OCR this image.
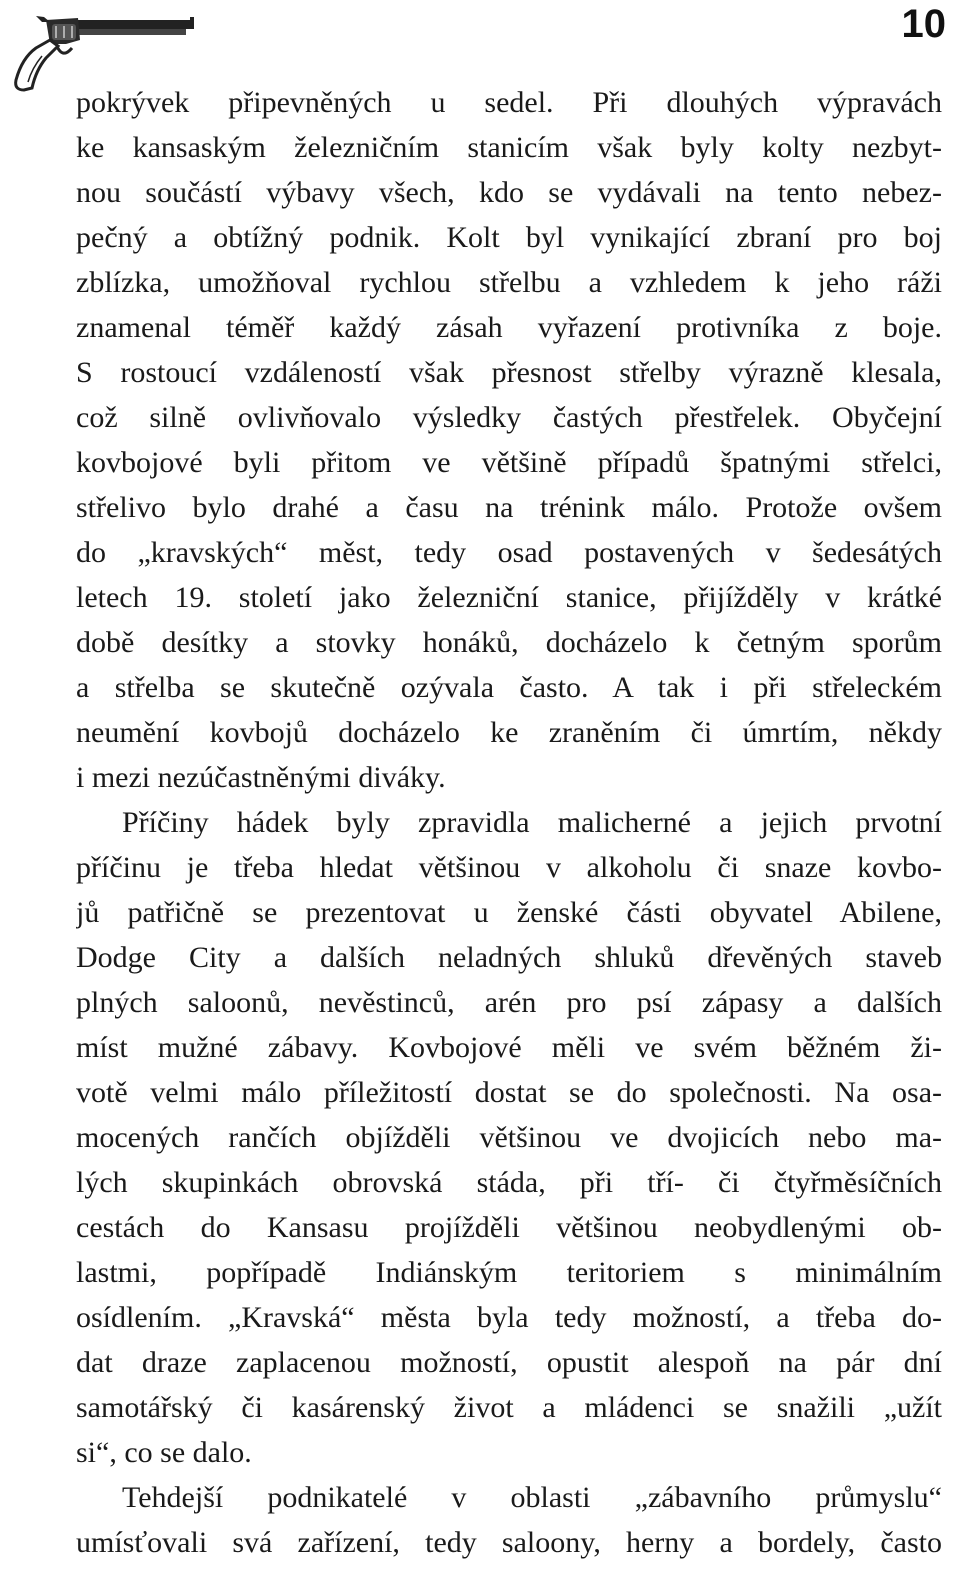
10
pokrývek připevněných u sedel. Při dlouhých výpravách
ke kansaským železničním stanicím však byly kolty nezbyt-
nou součástí výbavy všech, kdo se vydávali na tento nebez-
pečný a obtížný podnik. Kolt byl vynikající zbraní pro boj
zblízka, umožňoval rychlou střelbu a vzhledem k jeho ráži
znamenal téměř každý zásah vyřazení protivníka z boje.
S rostoucí vzdáleností však přesnost střelby výrazně klesala,
což silně ovlivňovalo výsledky častých přestřelek. Obyčejní
kovbojové byli přitom ve většině případů špatnými střelci,
střelivo bylo drahé a času na trénink málo. Protože ovšem
do „kravských“ měst, tedy osad postavených v šedesátých
letech 19. století jako železniční stanice, přijížděly v krátké
době desítky a stovky honáků, docházelo k četným sporům
a střelba se skutečně ozývala často. A tak i při střeleckém
neumění kovbojů docházelo ke zraněním či úmrtím, někdy
i mezi nezúčastněnými diváky.
Příčiny hádek byly zpravidla malicherné a jejich prvotní
příčinu je třeba hledat většinou v alkoholu či snaze kovbo-
jů patřičně se prezentovat u ženské části obyvatel Abilene,
Dodge City a dalších neladných shluků dřevěných staveb
plných saloonů, nevěstinců, arén pro psí zápasy a dalších
míst mužné zábavy. Kovbojové měli ve svém běžném ži-
votě velmi málo příležitostí dostat se do společnosti. Na osa-
mocených rančích objížděli většinou ve dvojicích nebo ma-
lých skupinkách obrovská stáda, při tří- či čtyřměsíčních
cestách do Kansasu projížděli většinou neobydlenými ob-
lastmi, popřípadě Indiánským teritoriem s minimálním
osídlením. „Kravská“ města byla tedy možností, a třeba do-
dat draze zaplacenou možností, opustit alespoň na pár dní
samotářský či kasárenský život a mládenci se snažili „užít
si“, co se dalo.
Tehdejší podnikatelé v oblasti „zábavního průmyslu“
umísťovali svá zařízení, tedy saloony, herny a bordely, často
